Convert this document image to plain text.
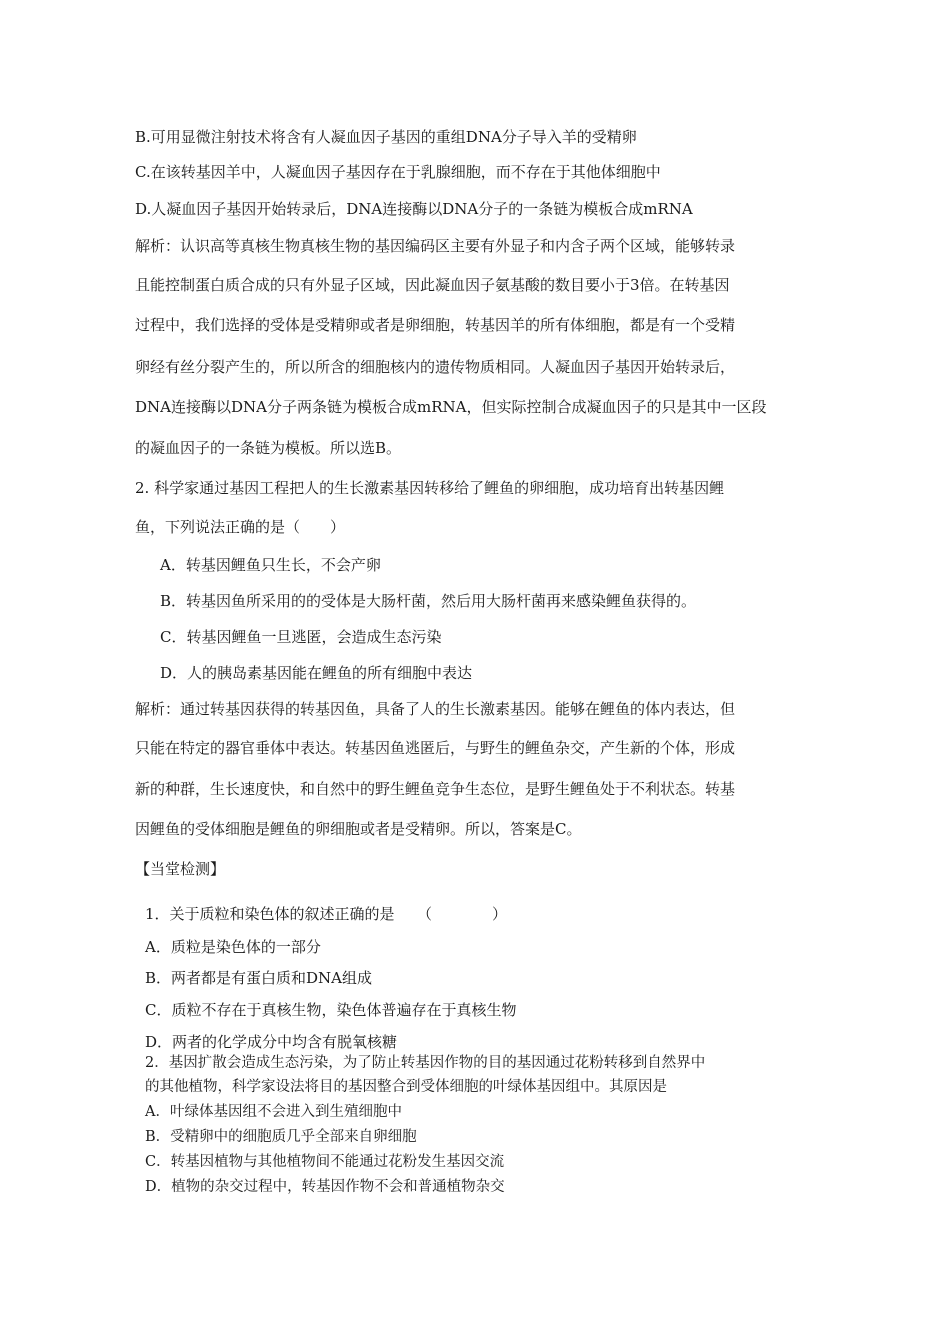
B.可用显微注射技术将含有人凝血因子基因的重组DNA分子导入羊的受精卵
C.在该转基因羊中，人凝血因子基因存在于乳腺细胞，而不存在于其他体细胞中
D.人凝血因子基因开始转录后，DNA连接酶以DNA分子的一条链为模板合成mRNA
解析：认识高等真核生物真核生物的基因编码区主要有外显子和内含子两个区域，能够转录
且能控制蛋白质合成的只有外显子区域，因此凝血因子氨基酸的数目要小于3倍。在转基因
过程中，我们选择的受体是受精卵或者是卵细胞，转基因羊的所有体细胞，都是有一个受精
卵经有丝分裂产生的，所以所含的细胞核内的遗传物质相同。人凝血因子基因开始转录后，
DNA连接酶以DNA分子两条链为模板合成mRNA，但实际控制合成凝血因子的只是其中一区段
的凝血因子的一条链为模板。所以选B。
2. 科学家通过基因工程把人的生长激素基因转移给了鲤鱼的卵细胞，成功培育出转基因鲤
鱼，下列说法正确的是（　　）
A．转基因鲤鱼只生长，不会产卵
B．转基因鱼所采用的的受体是大肠杆菌，然后用大肠杆菌再来感染鲤鱼获得的。
C．转基因鲤鱼一旦逃匿，会造成生态污染
D．人的胰岛素基因能在鲤鱼的所有细胞中表达
解析：通过转基因获得的转基因鱼，具备了人的生长激素基因。能够在鲤鱼的体内表达，但
只能在特定的器官垂体中表达。转基因鱼逃匿后，与野生的鲤鱼杂交，产生新的个体，形成
新的种群，生长速度快，和自然中的野生鲤鱼竞争生态位，是野生鲤鱼处于不利状态。转基
因鲤鱼的受体细胞是鲤鱼的卵细胞或者是受精卵。所以，答案是C。
【当堂检测】
1．关于质粒和染色体的叙述正确的是　　（　　　　）
A．质粒是染色体的一部分
B．两者都是有蛋白质和DNA组成
C．质粒不存在于真核生物，染色体普遍存在于真核生物
D．两者的化学成分中均含有脱氧核糖
2．基因扩散会造成生态污染，为了防止转基因作物的目的基因通过花粉转移到自然界中
的其他植物，科学家设法将目的基因整合到受体细胞的叶绿体基因组中。其原因是
A．叶绿体基因组不会进入到生殖细胞中
B．受精卵中的细胞质几乎全部来自卵细胞
C．转基因植物与其他植物间不能通过花粉发生基因交流
D．植物的杂交过程中，转基因作物不会和普通植物杂交
